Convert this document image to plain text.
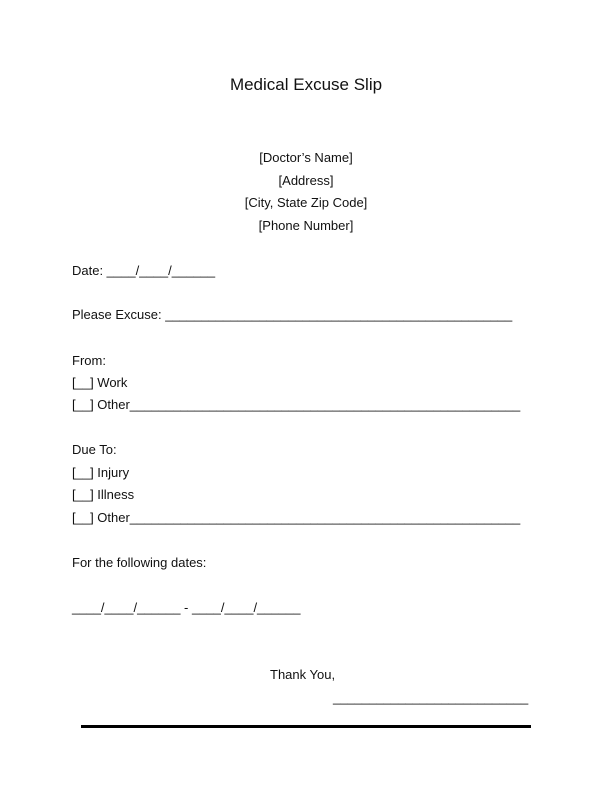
Medical Excuse Slip
[Doctor’s Name]
[Address]
[City, State Zip Code]
[Phone Number]
Date: ____/____/______
Please Excuse: ________________________________________________
From:
[__] Work
[__] Other______________________________________________________
Due To:
[__] Injury
[__] Illness
[__] Other______________________________________________________
For the following dates:
____/____/______ - ____/____/______
Thank You,
___________________________
